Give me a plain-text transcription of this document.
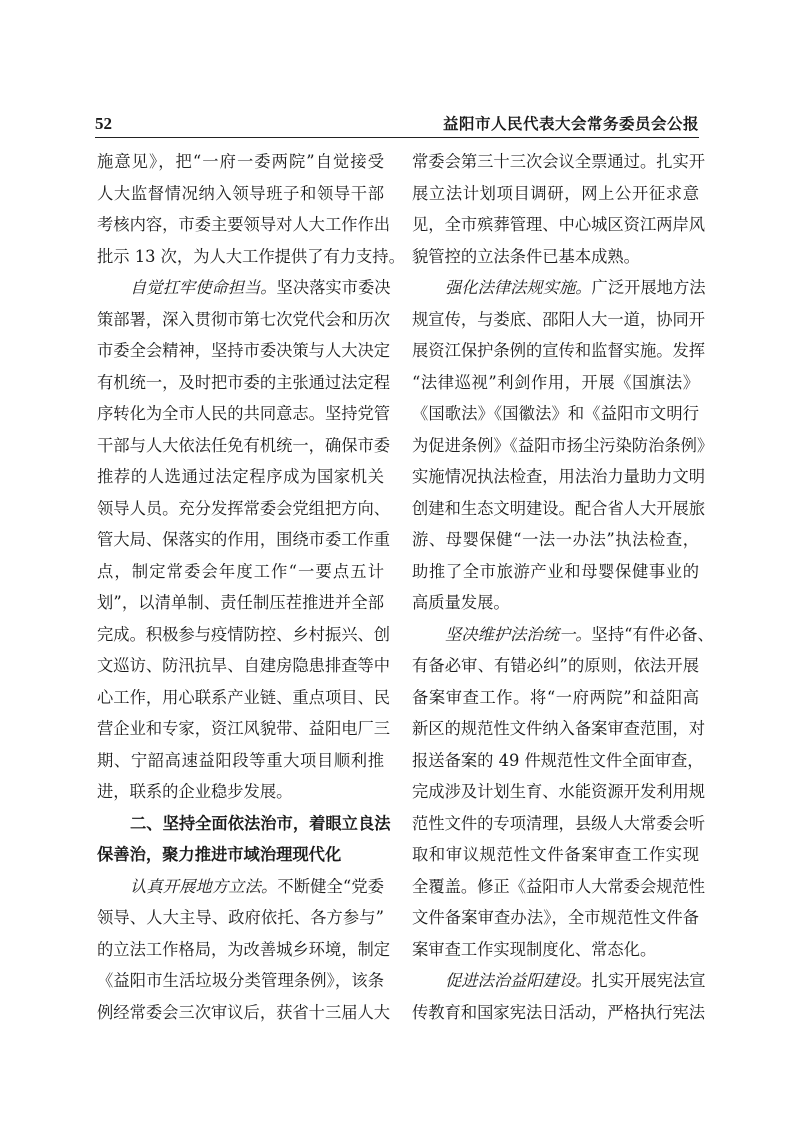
52	益阳市人民代表大会常务委员会公报
施意见》，把“一府一委两院”自觉接受
人大监督情况纳入领导班子和领导干部
考核内容，市委主要领导对人大工作作出
批示 13 次，为人大工作提供了有力支持。
自觉扛牢使命担当。坚决落实市委决
策部署，深入贯彻市第七次党代会和历次
市委全会精神，坚持市委决策与人大决定
有机统一，及时把市委的主张通过法定程
序转化为全市人民的共同意志。坚持党管
干部与人大依法任免有机统一，确保市委
推荐的人选通过法定程序成为国家机关
领导人员。充分发挥常委会党组把方向、
管大局、保落实的作用，围绕市委工作重
点，制定常委会年度工作“一要点五计
划”，以清单制、责任制压茬推进并全部
完成。积极参与疫情防控、乡村振兴、创
文巡访、防汛抗旱、自建房隐患排查等中
心工作，用心联系产业链、重点项目、民
营企业和专家，资江风貌带、益阳电厂三
期、宁韶高速益阳段等重大项目顺利推
进，联系的企业稳步发展。
二、坚持全面依法治市，着眼立良法
保善治，聚力推进市域治理现代化
认真开展地方立法。不断健全“党委
领导、人大主导、政府依托、各方参与”
的立法工作格局，为改善城乡环境，制定
《益阳市生活垃圾分类管理条例》，该条
例经常委会三次审议后，获省十三届人大
常委会第三十三次会议全票通过。扎实开
展立法计划项目调研，网上公开征求意
见，全市殡葬管理、中心城区资江两岸风
貌管控的立法条件已基本成熟。
强化法律法规实施。广泛开展地方法
规宣传，与娄底、邵阳人大一道，协同开
展资江保护条例的宣传和监督实施。发挥
“法律巡视”利剑作用，开展《国旗法》
《国歌法》《国徽法》和《益阳市文明行
为促进条例》《益阳市扬尘污染防治条例》
实施情况执法检查，用法治力量助力文明
创建和生态文明建设。配合省人大开展旅
游、母婴保健“一法一办法”执法检查，
助推了全市旅游产业和母婴保健事业的
高质量发展。
坚决维护法治统一。坚持“有件必备、
有备必审、有错必纠”的原则，依法开展
备案审查工作。将“一府两院”和益阳高
新区的规范性文件纳入备案审查范围，对
报送备案的 49 件规范性文件全面审查，
完成涉及计划生育、水能资源开发利用规
范性文件的专项清理，县级人大常委会听
取和审议规范性文件备案审查工作实现
全覆盖。修正《益阳市人大常委会规范性
文件备案审查办法》，全市规范性文件备
案审查工作实现制度化、常态化。
促进法治益阳建设。扎实开展宪法宣
传教育和国家宪法日活动，严格执行宪法
